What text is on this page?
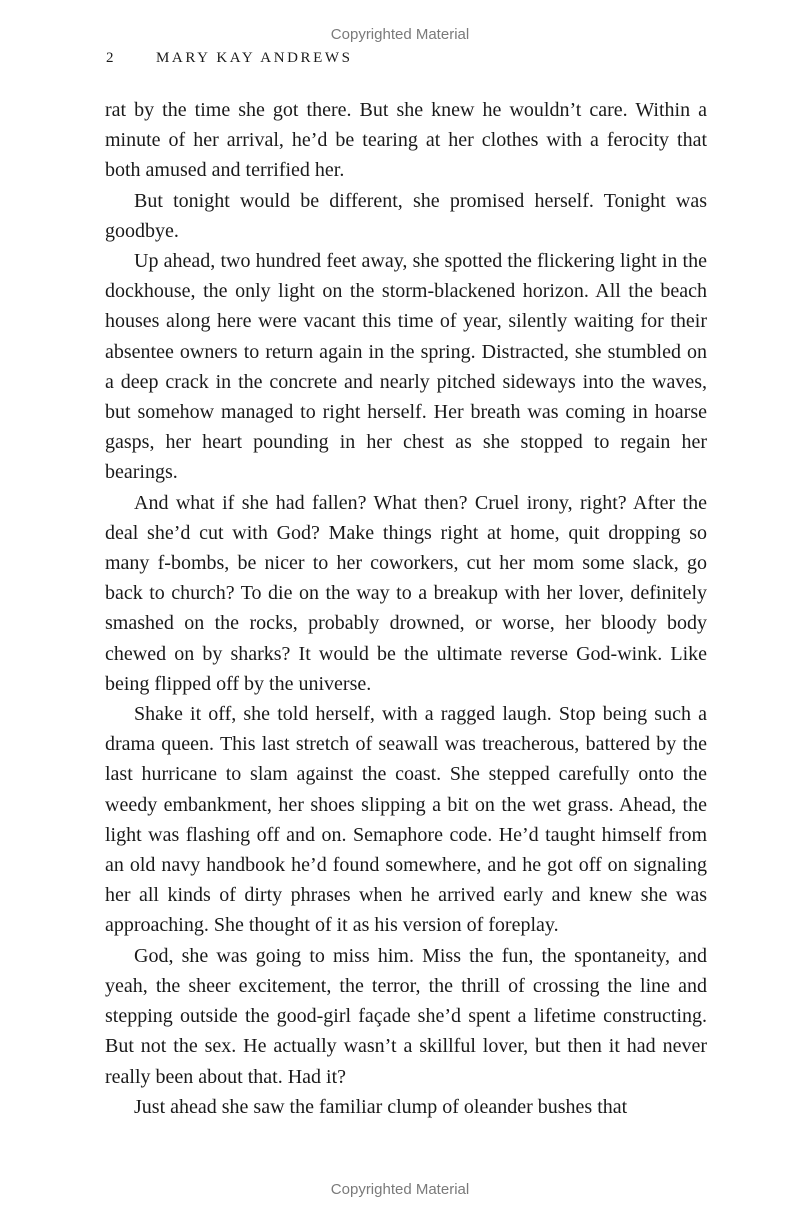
Copyrighted Material
2	MARY KAY ANDREWS

rat by the time she got there. But she knew he wouldn’t care. Within a minute of her arrival, he’d be tearing at her clothes with a ferocity that both amused and terrified her.

But tonight would be different, she promised herself. Tonight was goodbye.

Up ahead, two hundred feet away, she spotted the flickering light in the dockhouse, the only light on the storm-blackened horizon. All the beach houses along here were vacant this time of year, silently waiting for their absentee owners to return again in the spring. Distracted, she stumbled on a deep crack in the concrete and nearly pitched sideways into the waves, but somehow managed to right herself. Her breath was coming in hoarse gasps, her heart pounding in her chest as she stopped to regain her bearings.

And what if she had fallen? What then? Cruel irony, right? After the deal she’d cut with God? Make things right at home, quit dropping so many f-bombs, be nicer to her coworkers, cut her mom some slack, go back to church? To die on the way to a breakup with her lover, definitely smashed on the rocks, probably drowned, or worse, her bloody body chewed on by sharks? It would be the ultimate reverse God-wink. Like being flipped off by the universe.

Shake it off, she told herself, with a ragged laugh. Stop being such a drama queen. This last stretch of seawall was treacherous, battered by the last hurricane to slam against the coast. She stepped carefully onto the weedy embankment, her shoes slipping a bit on the wet grass. Ahead, the light was flashing off and on. Semaphore code. He’d taught himself from an old navy handbook he’d found somewhere, and he got off on signaling her all kinds of dirty phrases when he arrived early and knew she was approaching. She thought of it as his version of foreplay.

God, she was going to miss him. Miss the fun, the spontaneity, and yeah, the sheer excitement, the terror, the thrill of crossing the line and stepping outside the good-girl façade she’d spent a lifetime constructing. But not the sex. He actually wasn’t a skillful lover, but then it had never really been about that. Had it?

Just ahead she saw the familiar clump of oleander bushes that

Copyrighted Material
